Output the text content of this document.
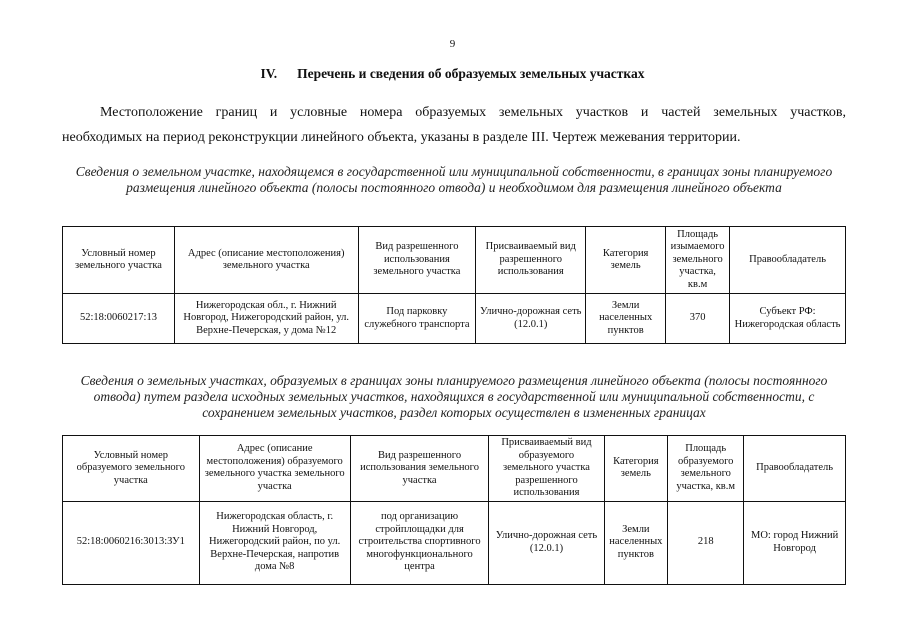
9
IV. Перечень и сведения об образуемых земельных участках
Местоположение границ и условные номера образуемых земельных участков и частей земельных участков,
необходимых на период реконструкции линейного объекта, указаны в разделе III. Чертеж межевания территории.
Сведения о земельном участке, находящемся в государственной или муниципальной собственности, в границах зоны планируемого размещения линейного объекта (полосы постоянного отвода) и необходимом для размещения линейного объекта
Условный номер земельного участка	Адрес (описание местоположения) земельного участка	Вид разрешенного использования земельного участка	Присваиваемый вид разрешенного использования	Категория земель	Площадь изымаемого земельного участка, кв.м	Правообладатель
52:18:0060217:13	Нижегородская обл., г. Нижний Новгород, Нижегородский район, ул. Верхне-Печерская, у дома №12	Под парковку служебного транспорта	Улично-дорожная сеть (12.0.1)	Земли населенных пунктов	370	Субъект РФ: Нижегородская область
Сведения о земельных участках, образуемых в границах зоны планируемого размещения линейного объекта (полосы постоянного отвода) путем раздела исходных земельных участков, находящихся в государственной или муниципальной собственности, с сохранением земельных участков, раздел которых осуществлен в измененных границах
Условный номер образуемого земельного участка	Адрес (описание местоположения) образуемого земельного участка земельного участка	Вид разрешенного использования земельного участка	Присваиваемый вид образуемого земельного участка разрешенного использования	Категория земель	Площадь образуемого земельного участка, кв.м	Правообладатель
52:18:0060216:3013:ЗУ1	Нижегородская область, г. Нижний Новгород, Нижегородский район, по ул. Верхне-Печерская, напротив дома №8	под организацию стройплощадки для строительства спортивного многофункционального центра	Улично-дорожная сеть (12.0.1)	Земли населенных пунктов	218	МО: город Нижний Новгород
